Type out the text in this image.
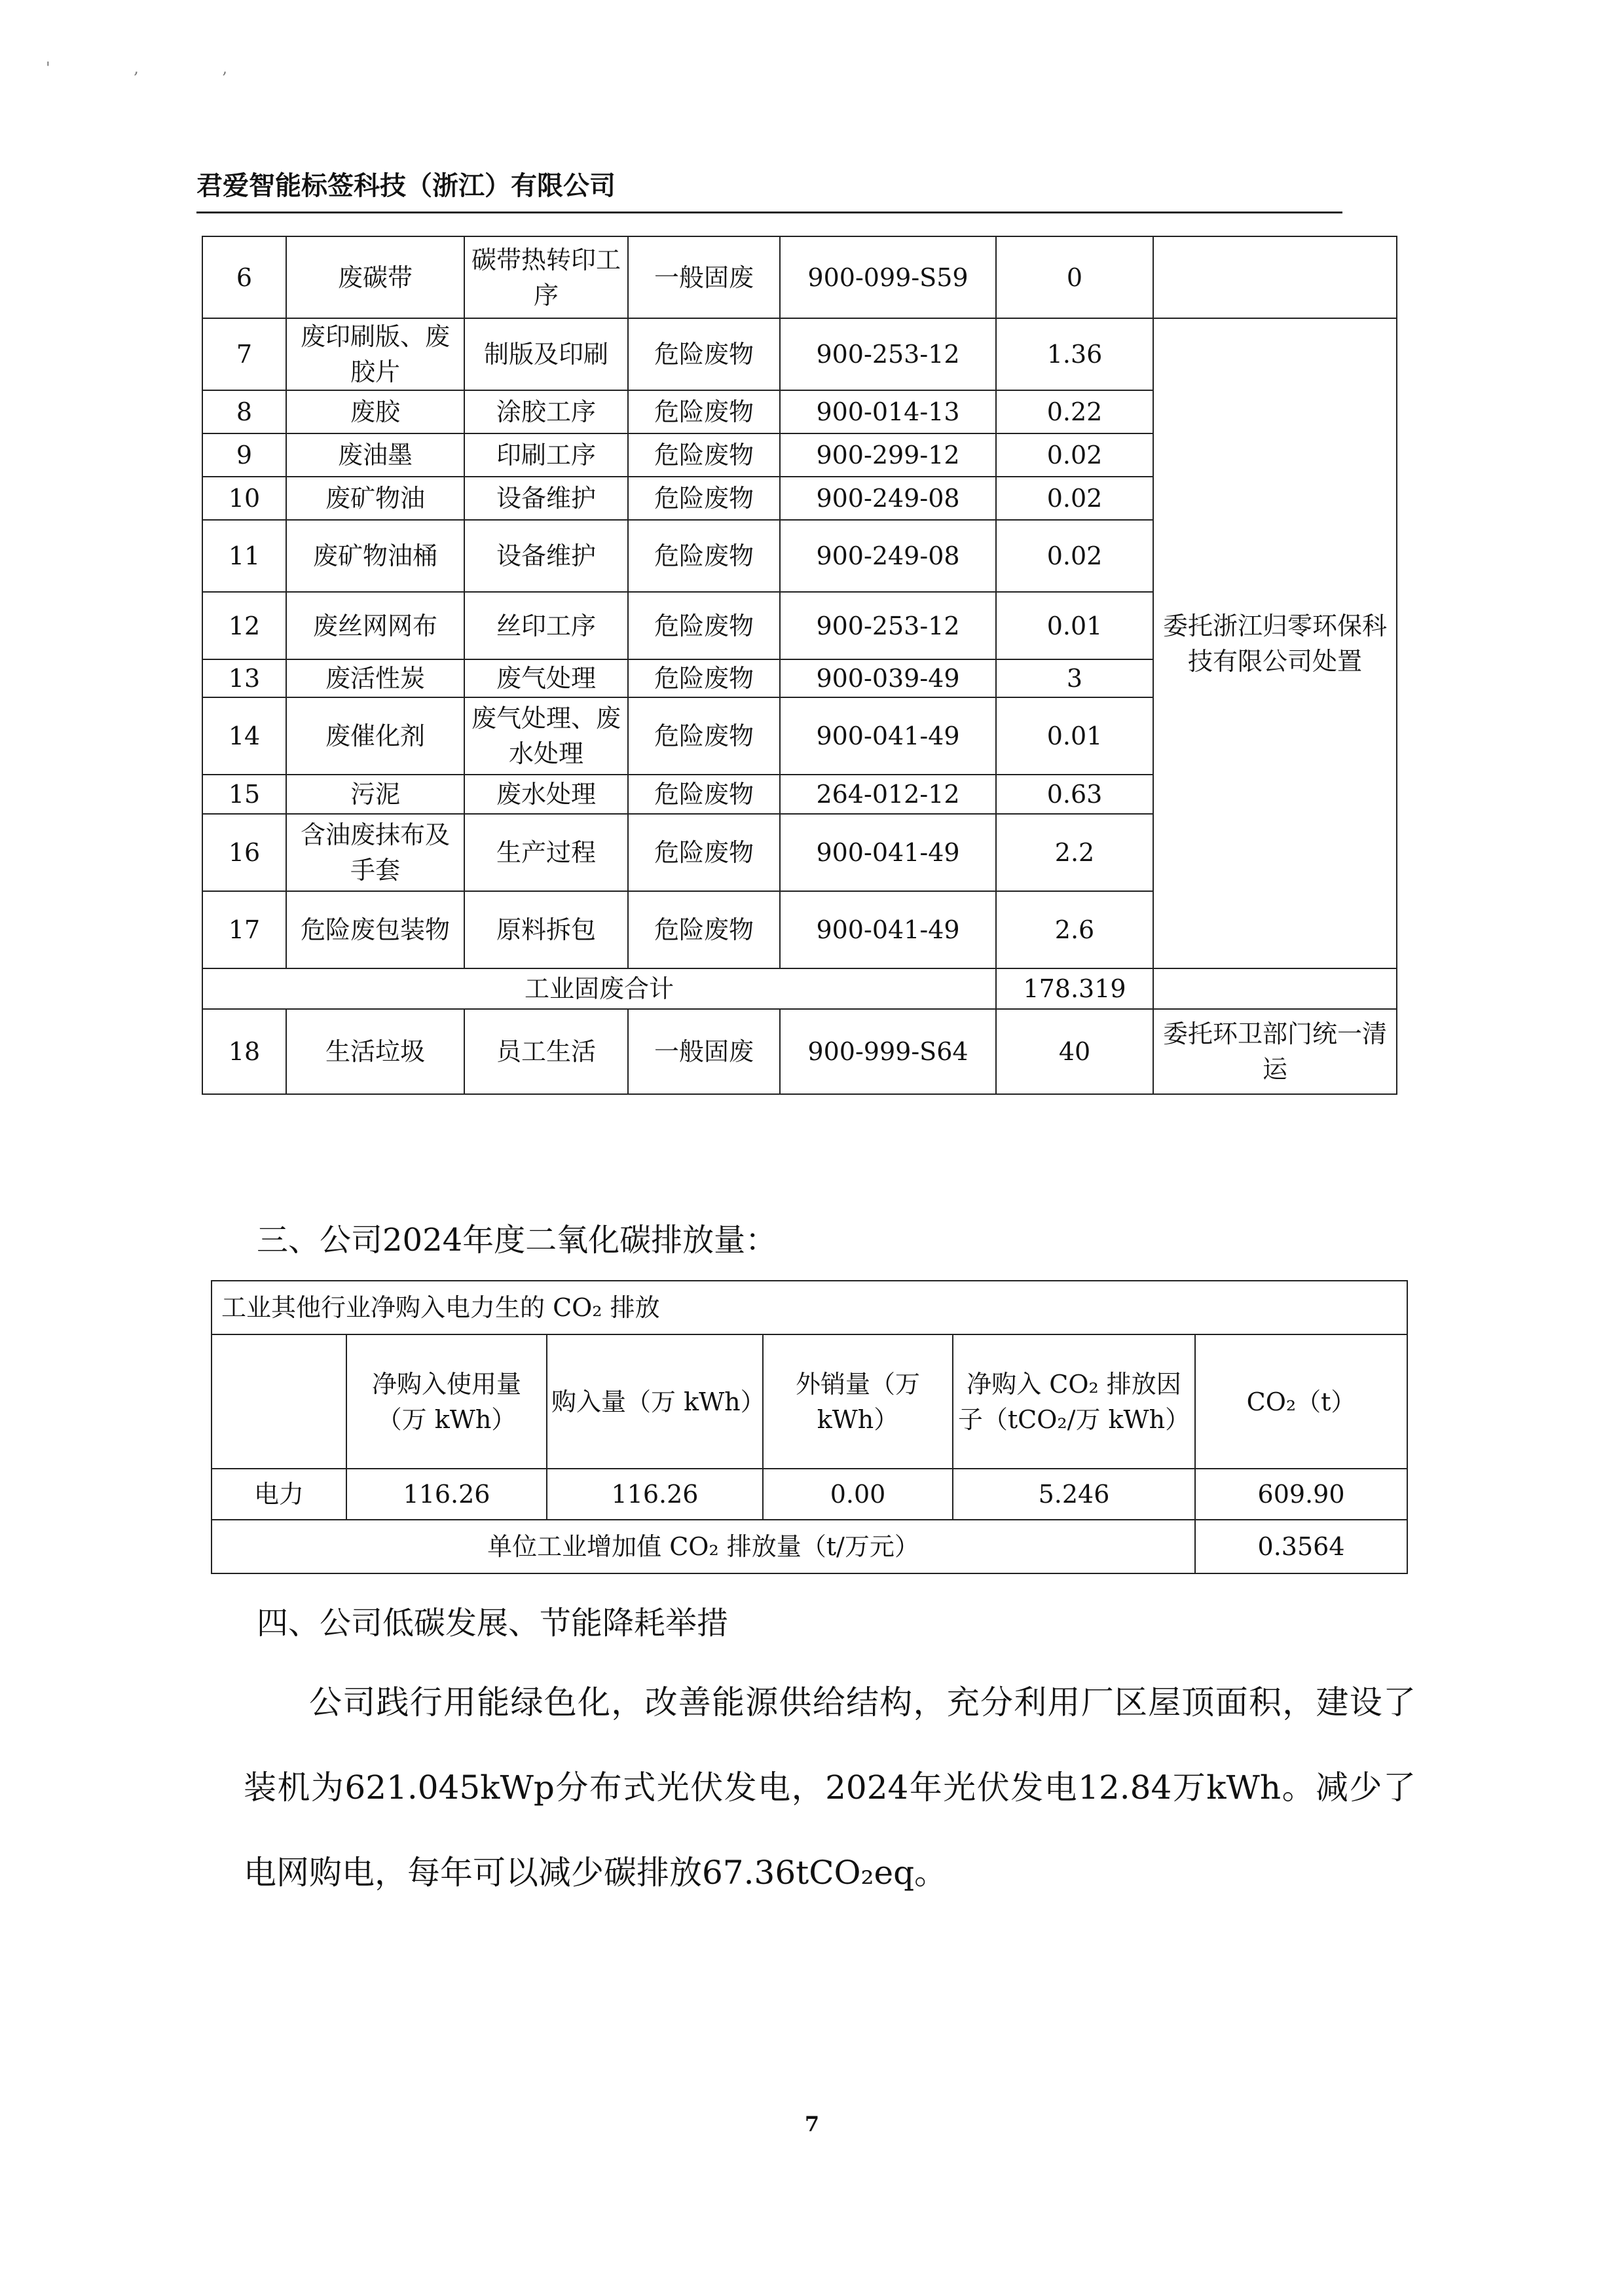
' , ,
君爱智能标签科技（浙江）有限公司
6	废碳带	碳带热转印工序	一般固废	900-099-S59	0	
7	废印刷版、废胶片	制版及印刷	危险废物	900-253-12	1.36	委托浙江归零环保科技有限公司处置
8	废胶	涂胶工序	危险废物	900-014-13	0.22	
9	废油墨	印刷工序	危险废物	900-299-12	0.02	
10	废矿物油	设备维护	危险废物	900-249-08	0.02	
11	废矿物油桶	设备维护	危险废物	900-249-08	0.02	
12	废丝网网布	丝印工序	危险废物	900-253-12	0.01	
13	废活性炭	废气处理	危险废物	900-039-49	3	
14	废催化剂	废气处理、废水处理	危险废物	900-041-49	0.01	
15	污泥	废水处理	危险废物	264-012-12	0.63	
16	含油废抹布及手套	生产过程	危险废物	900-041-49	2.2	
17	危险废包装物	原料拆包	危险废物	900-041-49	2.6	
工业固废合计					178.319	
18	生活垃圾	员工生活	一般固废	900-999-S64	40	委托环卫部门统一清运
三、公司2024年度二氧化碳排放量：
工业其他行业净购入电力生的 CO₂ 排放					
	净购入使用量（万 kWh）	购入量（万 kWh）	外销量（万 kWh）	净购入 CO₂ 排放因子（tCO₂/万 kWh）	CO₂（t）
电力	116.26	116.26	0.00	5.246	609.90
单位工业增加值 CO₂ 排放量（t/万元）					0.3564
四、公司低碳发展、节能降耗举措
公司践行用能绿色化，改善能源供给结构，充分利用厂区屋顶面积，建设了装机为621.045kWp分布式光伏发电，2024年光伏发电12.84万kWh。减少了电网购电，每年可以减少碳排放67.36tCO₂eq。
7
